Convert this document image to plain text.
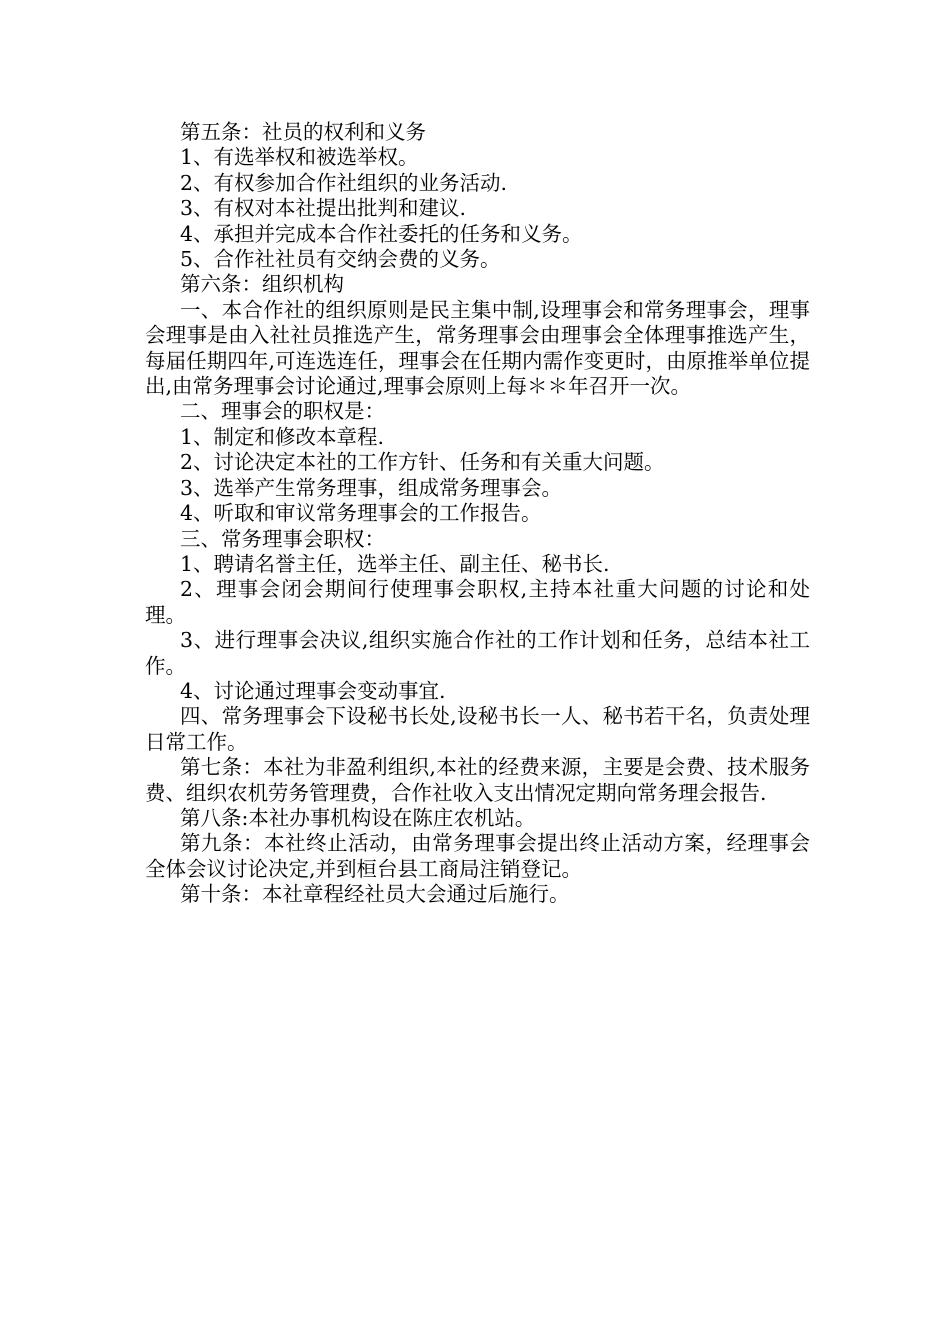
第五条：社员的权利和义务

1、有选举权和被选举权。

2、有权参加合作社组织的业务活动.

3、有权对本社提出批判和建议.

4、承担并完成本合作社委托的任务和义务。

5、合作社社员有交纳会费的义务。

第六条：组织机构

一、本合作社的组织原则是民主集中制,设理事会和常务理事会，理事会理事是由入社社员推选产生，常务理事会由理事会全体理事推选产生，每届任期四年,可连选连任，理事会在任期内需作变更时，由原推举单位提出,由常务理事会讨论通过,理事会原则上每＊＊年召开一次。

二、理事会的职权是：

1、制定和修改本章程.

2、讨论决定本社的工作方针、任务和有关重大问题。

3、选举产生常务理事，组成常务理事会。

4、听取和审议常务理事会的工作报告。

三、常务理事会职权：

1、聘请名誉主任，选举主任、副主任、秘书长.

2、理事会闭会期间行使理事会职权,主持本社重大问题的讨论和处理。

3、进行理事会决议,组织实施合作社的工作计划和任务，总结本社工作。

4、讨论通过理事会变动事宜.

四、常务理事会下设秘书长处,设秘书长一人、秘书若干名，负责处理日常工作。

第七条：本社为非盈利组织,本社的经费来源，主要是会费、技术服务费、组织农机劳务管理费，合作社收入支出情况定期向常务理会报告.

第八条:本社办事机构设在陈庄农机站。

第九条：本社终止活动，由常务理事会提出终止活动方案，经理事会全体会议讨论决定,并到桓台县工商局注销登记。

第十条：本社章程经社员大会通过后施行。
